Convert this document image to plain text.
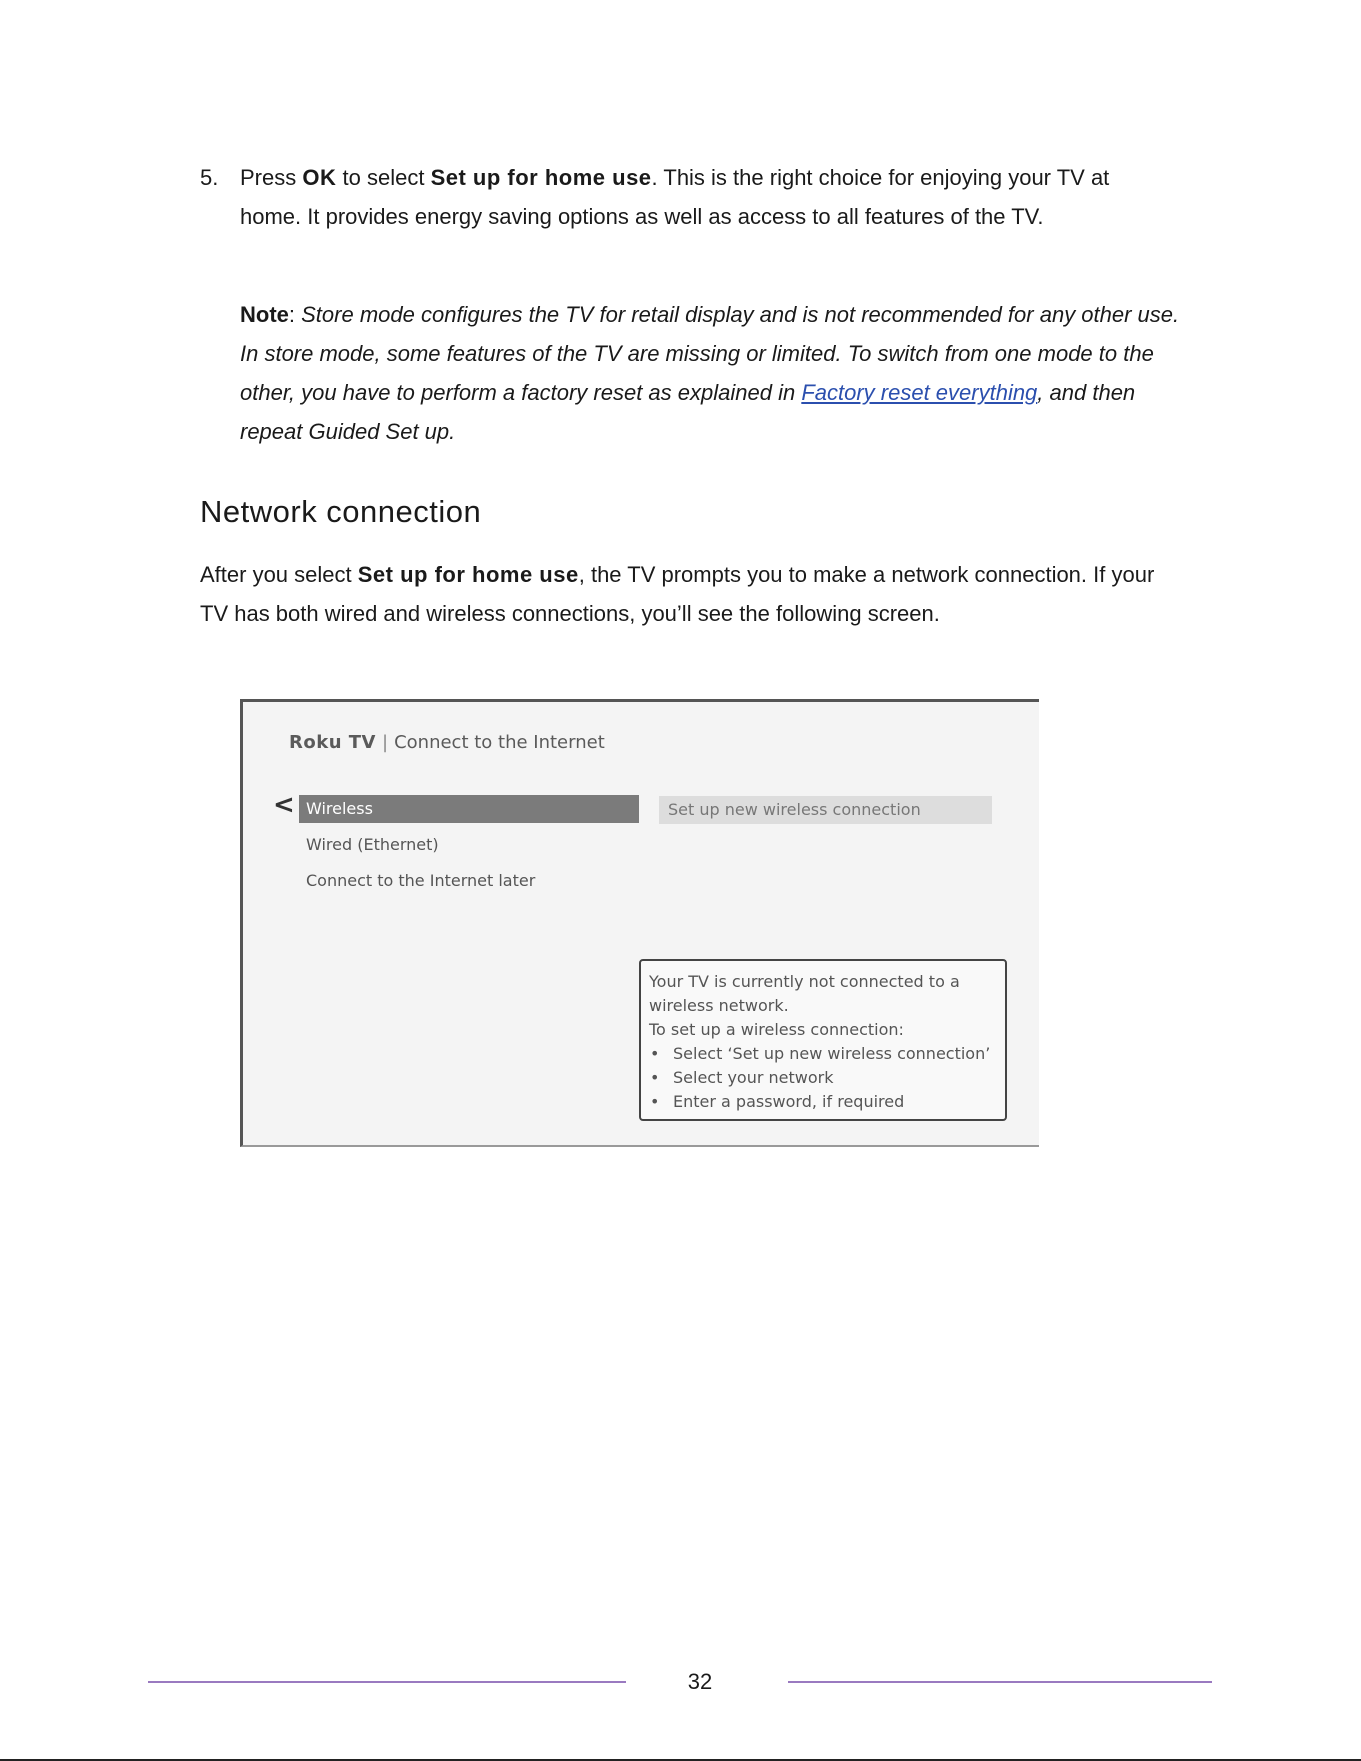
5. Press OK to select Set up for home use. This is the right choice for enjoying your TV at home. It provides energy saving options as well as access to all features of the TV.
Note: Store mode configures the TV for retail display and is not recommended for any other use. In store mode, some features of the TV are missing or limited. To switch from one mode to the other, you have to perform a factory reset as explained in Factory reset everything, and then repeat Guided Set up.
Network connection
After you select Set up for home use, the TV prompts you to make a network connection. If your TV has both wired and wireless connections, you’ll see the following screen.
Roku TV | Connect to the Internet
< Wireless
Wired (Ethernet)
Connect to the Internet later
Set up new wireless connection
Your TV is currently not connected to a wireless network.
To set up a wireless connection:
• Select ‘Set up new wireless connection’
• Select your network
• Enter a password, if required
32
